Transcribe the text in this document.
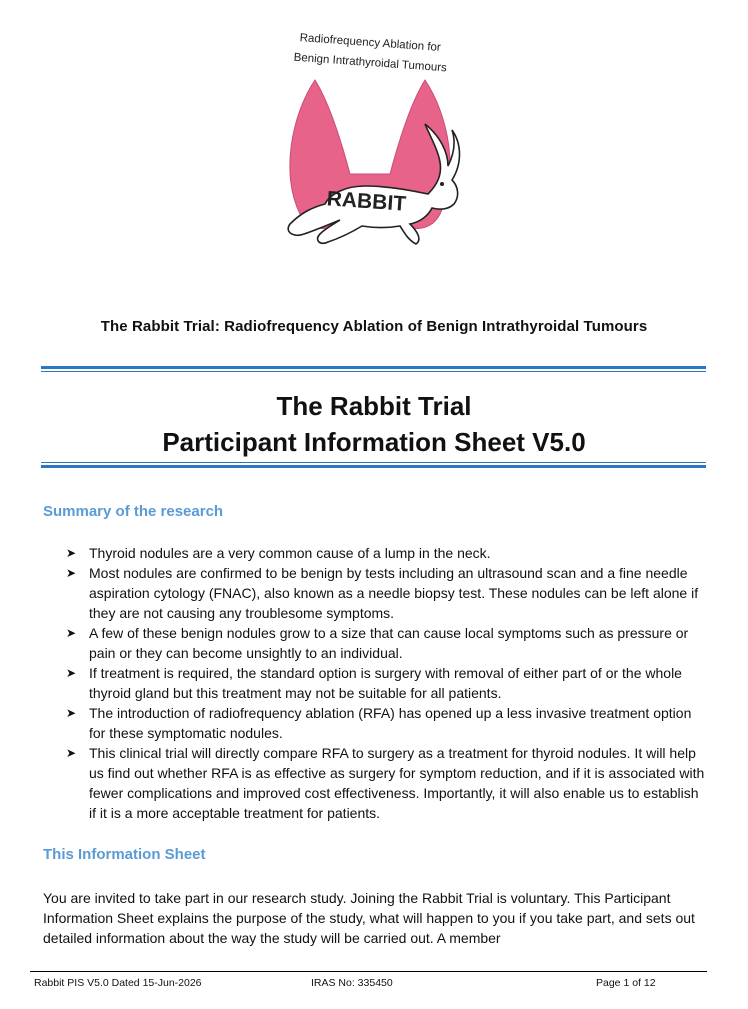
Radiofrequency Ablation for
Benign Intrathyroidal Tumours
RABBIT
The Rabbit Trial: Radiofrequency Ablation of Benign Intrathyroidal Tumours
The Rabbit Trial
Participant Information Sheet V5.0
Summary of the research
➤ Thyroid nodules are a very common cause of a lump in the neck.
➤ Most nodules are confirmed to be benign by tests including an ultrasound scan and a fine needle aspiration cytology (FNAC), also known as a needle biopsy test. These nodules can be left alone if they are not causing any troublesome symptoms.
➤ A few of these benign nodules grow to a size that can cause local symptoms such as pressure or pain or they can become unsightly to an individual.
➤ If treatment is required, the standard option is surgery with removal of either part of or the whole thyroid gland but this treatment may not be suitable for all patients.
➤ The introduction of radiofrequency ablation (RFA) has opened up a less invasive treatment option for these symptomatic nodules.
➤ This clinical trial will directly compare RFA to surgery as a treatment for thyroid nodules. It will help us find out whether RFA is as effective as surgery for symptom reduction, and if it is associated with fewer complications and improved cost effectiveness. Importantly, it will also enable us to establish if it is a more acceptable treatment for patients.
This Information Sheet

You are invited to take part in our research study. Joining the Rabbit Trial is voluntary. This Participant Information Sheet explains the purpose of the study, what will happen to you if you take part, and sets out detailed information about the way the study will be carried out. A member

Rabbit PIS V5.0 Dated 15-Jun-2026	IRAS No: 335450	Page 1 of 12
